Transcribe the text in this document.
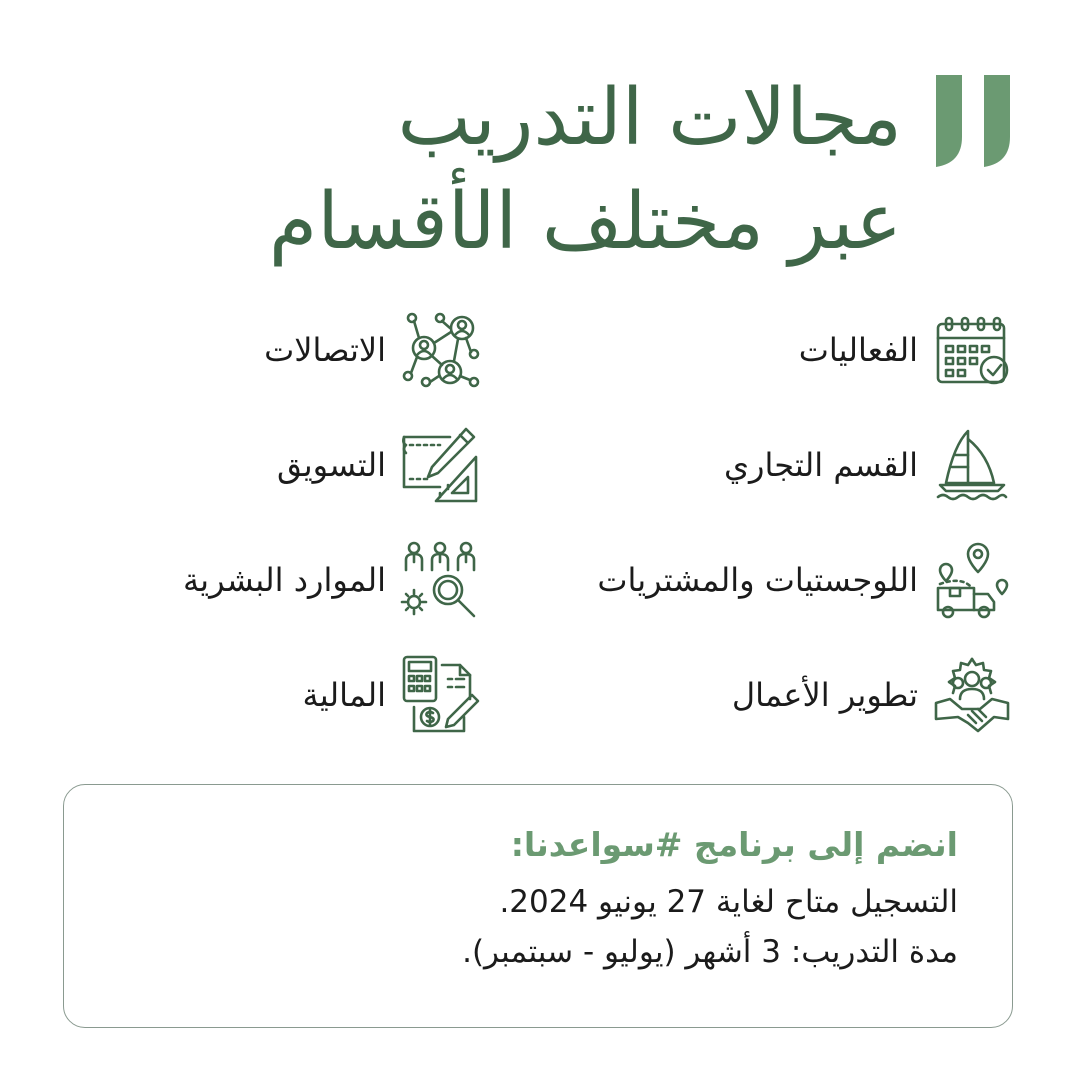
مجالات التدريب
عبر مختلف الأقسام
الفعاليات
القسم التجاري
اللوجستيات والمشتريات
تطوير الأعمال
الاتصالات
التسويق
الموارد البشرية
المالية

انضم إلى برنامج #سواعدنا:

التسجيل متاح لغاية 27 يونيو 2024.

مدة التدريب: 3 أشهر (يوليو - سبتمبر).
